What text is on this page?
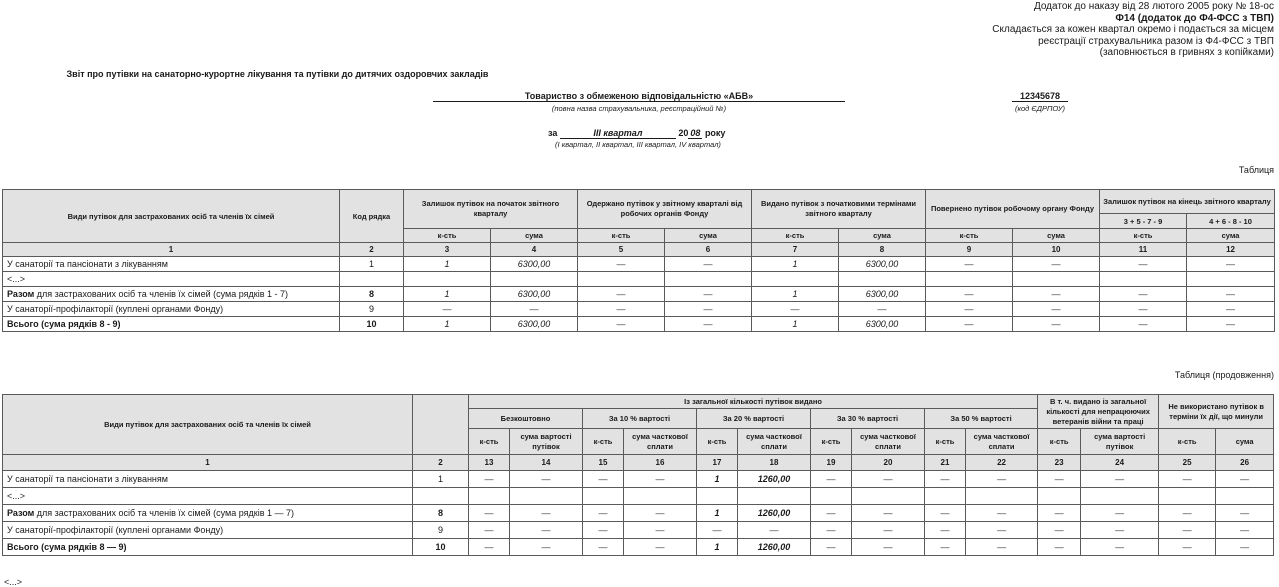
Додаток до наказу від 28 лютого 2005 року № 18-ос
Ф14 (додаток до Ф4-ФСС з ТВП)
Складається за кожен квартал окремо і подається за місцем
реєстрації страхувальника разом із Ф4-ФСС з ТВП
(заповнюється в гривнях з копійками)
Звіт про путівки на санаторно-курортне лікування та путівки до дитячих оздоровчих закладів
Товариство з обмеженою відповідальністю «АБВ»
(повна назва страхувальника, реєстраційний №)
12345678
(код ЄДРПОУ)
за	III квартал	20 08 року
(I квартал, II квартал, III квартал, IV квартал)
Таблиця
Види путівок для застрахованих осіб та членів їх сімей	Код рядка	Залишок путівок на початок звітного кварталу		Одержано путівок у звітному кварталі від робочих органів Фонду		Видано путівок з початковими термінами звітного кварталу		Повернено путівок робочому органу Фонду		Залишок путівок на кінець звітного кварталу	
										3 + 5 - 7 - 9	4 + 6 - 8 - 10
		к-сть	сума	к-сть	сума	к-сть	сума	к-сть	сума	к-сть	сума
1	2	3	4	5	6	7	8	9	10	11	12
У санаторії та пансіонати з лікуванням	1	1	6300,00	—	—	1	6300,00	—	—	—	—
<...>											
Разом для застрахованих осіб та членів їх сімей (сума рядків 1 - 7)	8	1	6300,00	—	—	1	6300,00	—	—	—	—
У санаторії-профілакторії (куплені органами Фонду)	9	—	—	—	—	—	—	—	—	—	—
Всього (сума рядків 8 - 9)	10	1	6300,00	—	—	1	6300,00	—	—	—	—
Таблиця (продовження)
Види путівок для застрахованих осіб та членів їх сімей		Із загальної кількості путівок видано										В т. ч. видано із загальної кількості для непрацюючих ветеранів війни та праці		Не використано путівок в терміни їх дії, що минули	
		Безкоштовно		За 10 % вартості		За 20 % вартості		За 30 % вартості		За 50 % вартості					
		к-сть	сума вартості путівок	к-сть	сума часткової сплати	к-сть	сума часткової сплати	к-сть	сума часткової сплати	к-сть	сума часткової сплати	к-сть	сума вартості путівок	к-сть	сума
1	2	13	14	15	16	17	18	19	20	21	22	23	24	25	26
У санаторії та пансіонати з лікуванням	1	—	—	—	—	1	1260,00	—	—	—	—	—	—	—	—
<...>															
Разом для застрахованих осіб та членів їх сімей (сума рядків 1 — 7)	8	—	—	—	—	1	1260,00	—	—	—	—	—	—	—	—
У санаторії-профілакторії (куплені органами Фонду)	9	—	—	—	—	—	—	—	—	—	—	—	—	—	—
Всього (сума рядків 8 — 9)	10	—	—	—	—	1	1260,00	—	—	—	—	—	—	—	—
<...>
